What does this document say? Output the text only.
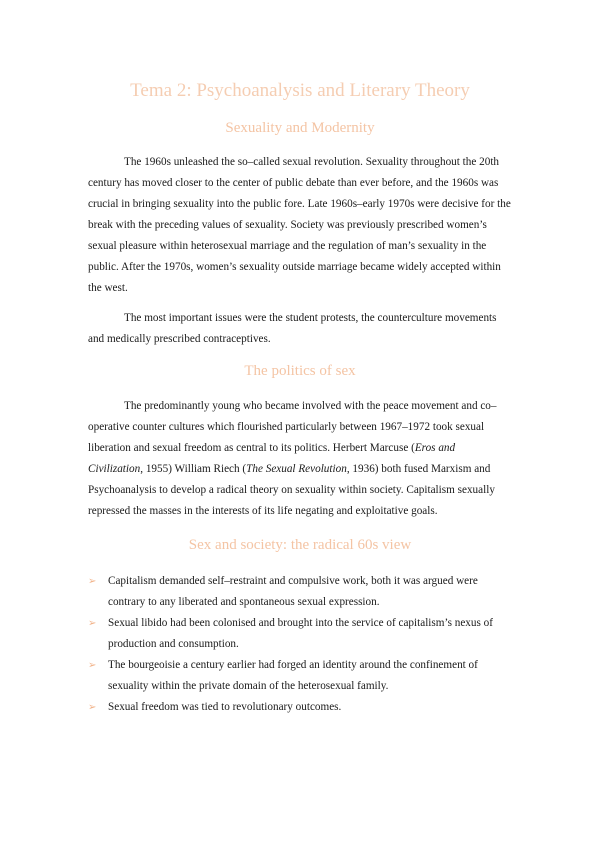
Tema 2: Psychoanalysis and Literary Theory
Sexuality and Modernity

The 1960s unleashed the so–called sexual revolution. Sexuality throughout the 20th century has moved closer to the center of public debate than ever before, and the 1960s was crucial in bringing sexuality into the public fore. Late 1960s–early 1970s were decisive for the break with the preceding values of sexuality. Society was previously prescribed women’s sexual pleasure within heterosexual marriage and the regulation of man’s sexuality in the public. After the 1970s, women’s sexuality outside marriage became widely accepted within the west.

The most important issues were the student protests, the counterculture movements and medically prescribed contraceptives.

The politics of sex

The predominantly young who became involved with the peace movement and co–operative counter cultures which flourished particularly between 1967–1972 took sexual liberation and sexual freedom as central to its politics. Herbert Marcuse (Eros and Civilization, 1955) William Riech (The Sexual Revolution, 1936) both fused Marxism and Psychoanalysis to develop a radical theory on sexuality within society. Capitalism sexually repressed the masses in the interests of its life negating and exploitative goals.

Sex and society: the radical 60s view
➢	Capitalism demanded self–restraint and compulsive work, both it was argued were contrary to any liberated and spontaneous sexual expression.
➢	Sexual libido had been colonised and brought into the service of capitalism’s nexus of production and consumption.
➢	The bourgeoisie a century earlier had forged an identity around the confinement of sexuality within the private domain of the heterosexual family.
➢	Sexual freedom was tied to revolutionary outcomes.
